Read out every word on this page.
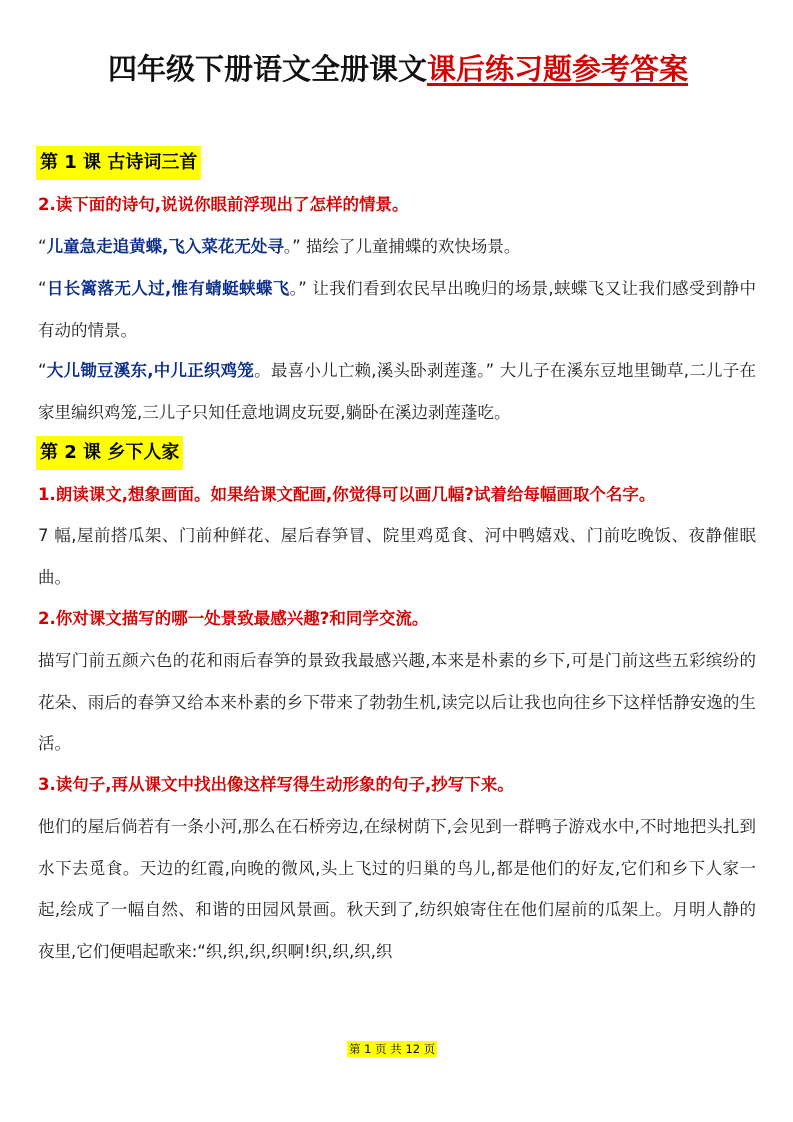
四年级下册语文全册课文课后练习题参考答案
第 1 课 古诗词三首
2.读下面的诗句,说说你眼前浮现出了怎样的情景。
“儿童急走追黄蝶,飞入菜花无处寻。” 描绘了儿童捕蝶的欢快场景。
“日长篱落无人过,惟有蜻蜓蛱蝶飞。” 让我们看到农民早出晚归的场景,蛱蝶飞又让我们感受到静中有动的情景。
“大儿锄豆溪东,中儿正织鸡笼。最喜小儿亡赖,溪头卧剥莲蓬。” 大儿子在溪东豆地里锄草,二儿子在家里编织鸡笼,三儿子只知任意地调皮玩耍,躺卧在溪边剥莲蓬吃。
第 2 课 乡下人家
1.朗读课文,想象画面。如果给课文配画,你觉得可以画几幅?试着给每幅画取个名字。
7 幅,屋前搭瓜架、门前种鲜花、屋后春笋冒、院里鸡觅食、河中鸭嬉戏、门前吃晚饭、夜静催眠曲。
2.你对课文描写的哪一处景致最感兴趣?和同学交流。
描写门前五颜六色的花和雨后春笋的景致我最感兴趣,本来是朴素的乡下,可是门前这些五彩缤纷的花朵、雨后的春笋又给本来朴素的乡下带来了勃勃生机,读完以后让我也向往乡下这样恬静安逸的生活。
3.读句子,再从课文中找出像这样写得生动形象的句子,抄写下来。
他们的屋后倘若有一条小河,那么在石桥旁边,在绿树荫下,会见到一群鸭子游戏水中,不时地把头扎到水下去觅食。天边的红霞,向晚的微风,头上飞过的归巢的鸟儿,都是他们的好友,它们和乡下人家一起,绘成了一幅自然、和谐的田园风景画。秋天到了,纺织娘寄住在他们屋前的瓜架上。月明人静的夜里,它们便唱起歌来:“织,织,织,织啊!织,织,织,织
第 1 页 共 12 页
